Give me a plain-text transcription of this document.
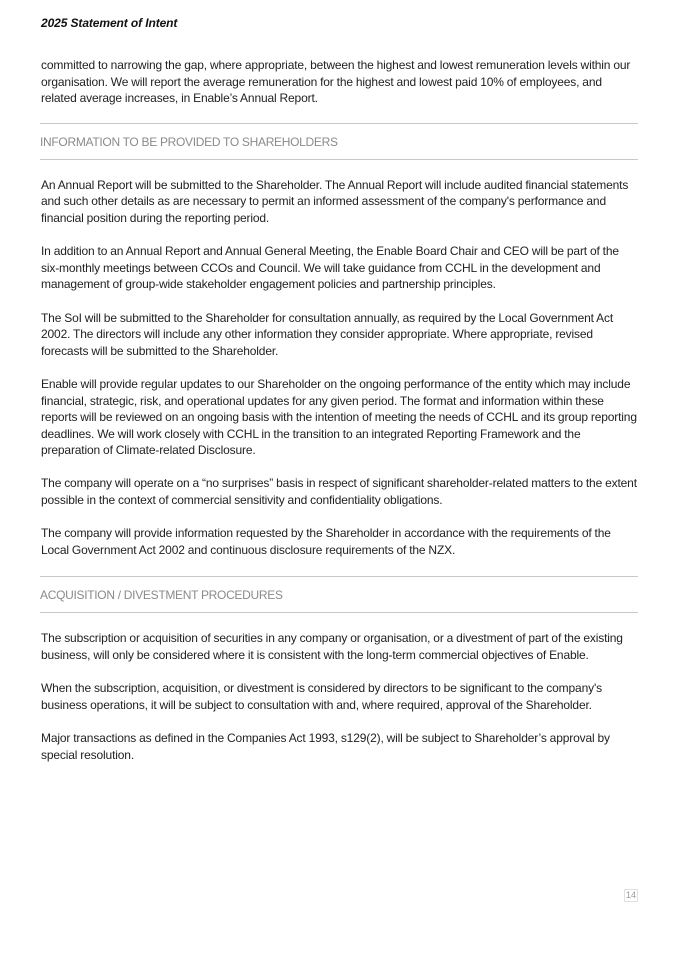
2025 Statement of Intent

committed to narrowing the gap, where appropriate, between the highest and lowest remuneration levels within our organisation. We will report the average remuneration for the highest and lowest paid 10% of employees, and related average increases, in Enable’s Annual Report.

INFORMATION TO BE PROVIDED TO SHAREHOLDERS

An Annual Report will be submitted to the Shareholder. The Annual Report will include audited financial statements and such other details as are necessary to permit an informed assessment of the company's performance and financial position during the reporting period.

In addition to an Annual Report and Annual General Meeting, the Enable Board Chair and CEO will be part of the six-monthly meetings between CCOs and Council. We will take guidance from CCHL in the development and management of group-wide stakeholder engagement policies and partnership principles.

The SoI will be submitted to the Shareholder for consultation annually, as required by the Local Government Act 2002. The directors will include any other information they consider appropriate. Where appropriate, revised forecasts will be submitted to the Shareholder.

Enable will provide regular updates to our Shareholder on the ongoing performance of the entity which may include financial, strategic, risk, and operational updates for any given period. The format and information within these reports will be reviewed on an ongoing basis with the intention of meeting the needs of CCHL and its group reporting deadlines. We will work closely with CCHL in the transition to an integrated Reporting Framework and the preparation of Climate-related Disclosure.

The company will operate on a “no surprises” basis in respect of significant shareholder-related matters to the extent possible in the context of commercial sensitivity and confidentiality obligations.

The company will provide information requested by the Shareholder in accordance with the requirements of the Local Government Act 2002 and continuous disclosure requirements of the NZX.

ACQUISITION / DIVESTMENT PROCEDURES

The subscription or acquisition of securities in any company or organisation, or a divestment of part of the existing business, will only be considered where it is consistent with the long-term commercial objectives of Enable.

When the subscription, acquisition, or divestment is considered by directors to be significant to the company's business operations, it will be subject to consultation with and, where required, approval of the Shareholder.

Major transactions as defined in the Companies Act 1993, s129(2), will be subject to Shareholder’s approval by special resolution.

14
